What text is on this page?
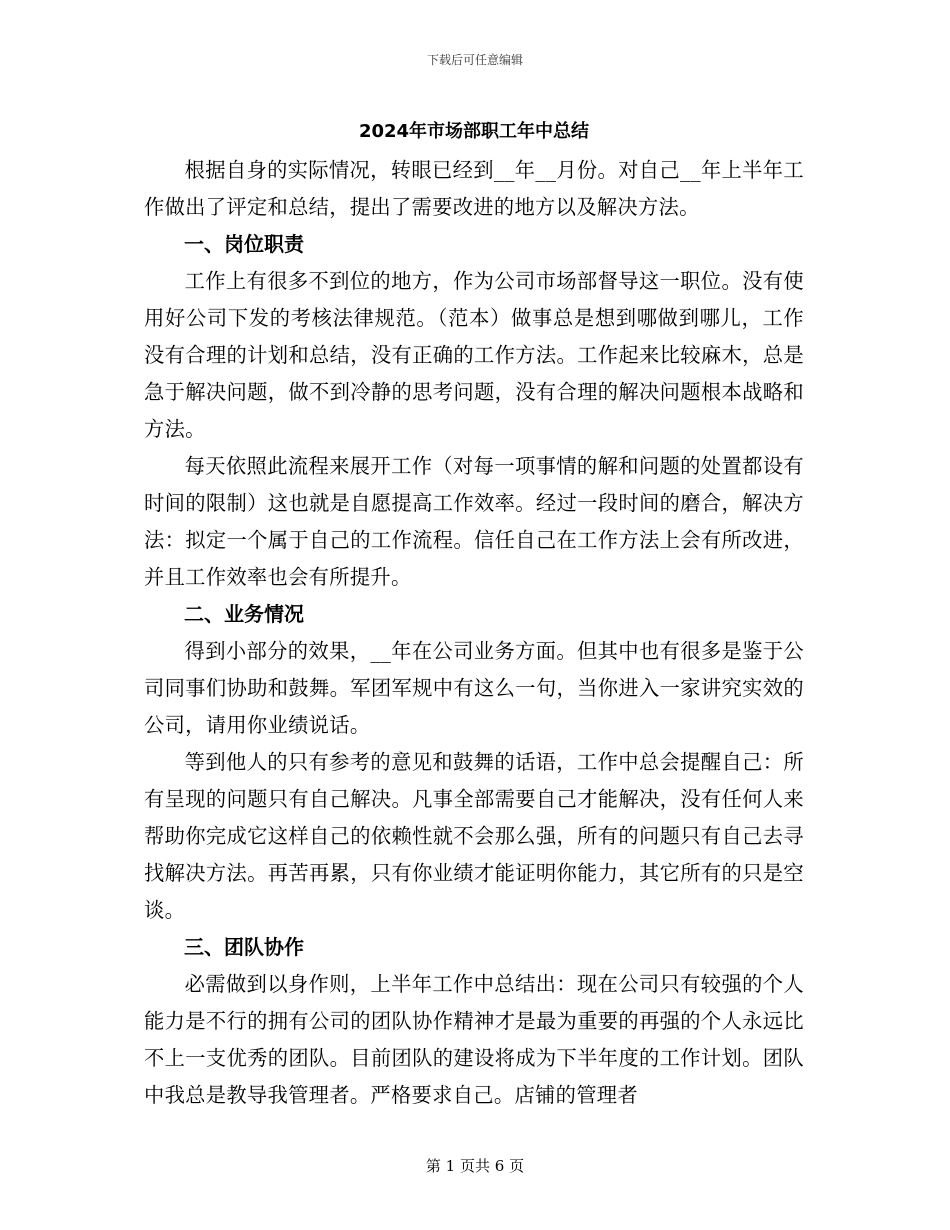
下载后可任意编辑
2024年市场部职工年中总结

根据自身的实际情况，转眼已经到__年__月份。对自己__年上半年工作做出了评定和总结，提出了需要改进的地方以及解决方法。

一、岗位职责

工作上有很多不到位的地方，作为公司市场部督导这一职位。没有使用好公司下发的考核法律规范。（范本）做事总是想到哪做到哪儿，工作没有合理的计划和总结，没有正确的工作方法。工作起来比较麻木，总是急于解决问题，做不到冷静的思考问题，没有合理的解决问题根本战略和方法。

每天依照此流程来展开工作（对每一项事情的解和问题的处置都设有时间的限制）这也就是自愿提高工作效率。经过一段时间的磨合，解决方法：拟定一个属于自己的工作流程。信任自己在工作方法上会有所改进，并且工作效率也会有所提升。

二、业务情况

得到小部分的效果，__年在公司业务方面。但其中也有很多是鉴于公司同事们协助和鼓舞。军团军规中有这么一句，当你进入一家讲究实效的公司，请用你业绩说话。

等到他人的只有参考的意见和鼓舞的话语，工作中总会提醒自己：所有呈现的问题只有自己解决。凡事全部需要自己才能解决，没有任何人来帮助你完成它这样自己的依赖性就不会那么强，所有的问题只有自己去寻找解决方法。再苦再累，只有你业绩才能证明你能力，其它所有的只是空谈。

三、团队协作

必需做到以身作则，上半年工作中总结出：现在公司只有较强的个人能力是不行的拥有公司的团队协作精神才是最为重要的再强的个人永远比不上一支优秀的团队。目前团队的建设将成为下半年度的工作计划。团队中我总是教导我管理者。严格要求自己。店铺的管理者

第 1 页共 6 页
